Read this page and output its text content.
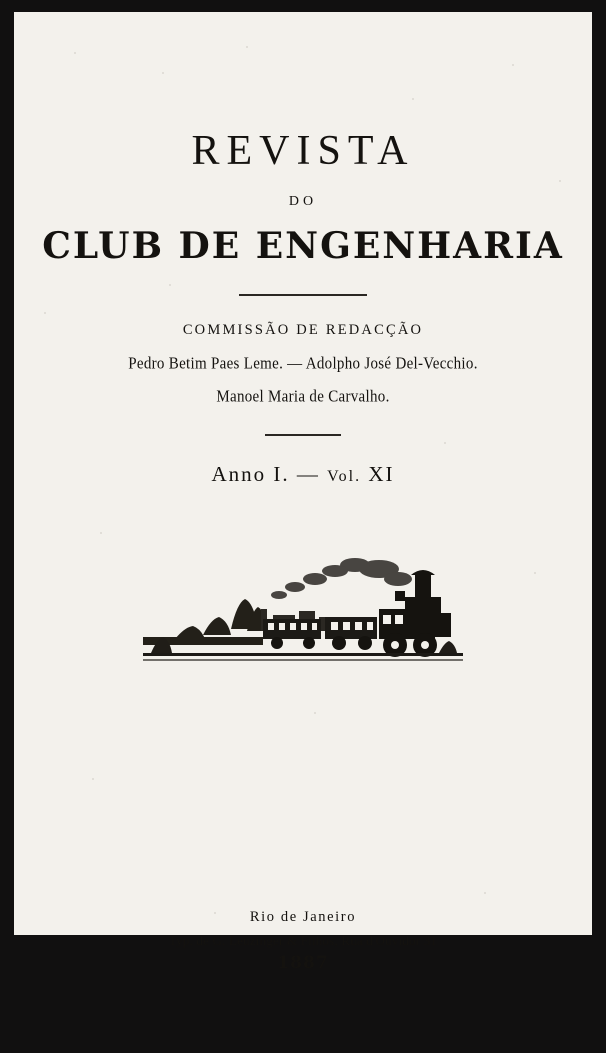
REVISTA
DO
CLUB DE ENGENHARIA
COMMISSÃO DE REDACÇÃO
Pedro Betim Paes Leme. — Adolpho José Del-Vecchio.
Manoel Maria de Carvalho.
Anno I. — Vol. XI
Rio de Janeiro
Typ. de G. Leuzinger & Filhos, Rua d'Ouvidor 31
1887
